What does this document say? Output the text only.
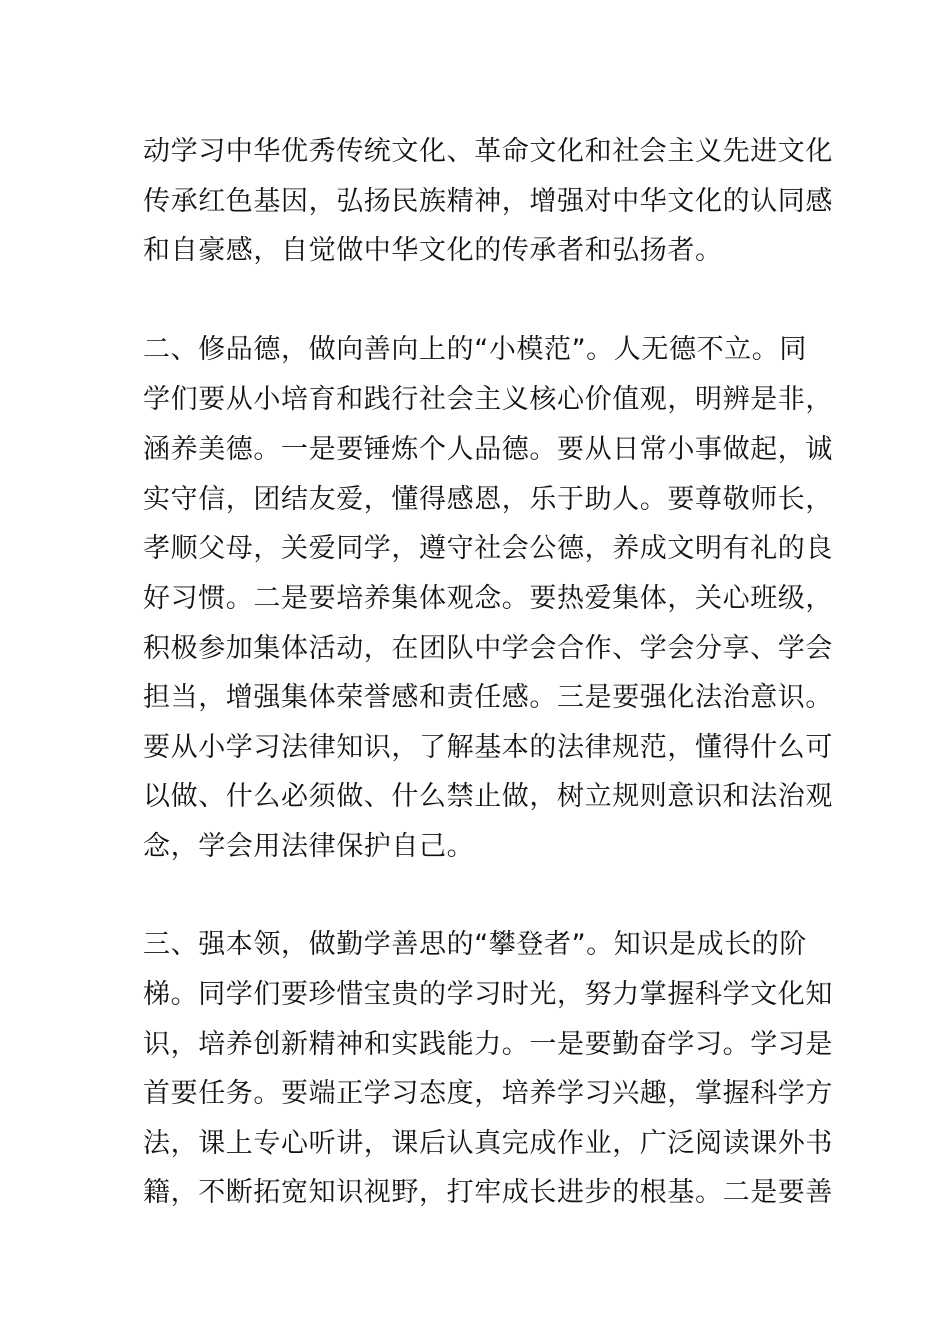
动学习中华优秀传统文化、革命文化和社会主义先进文化
传承红色基因，弘扬民族精神，增强对中华文化的认同感
和自豪感，自觉做中华文化的传承者和弘扬者。
二、修品德，做向善向上的“小模范”。人无德不立。同
学们要从小培育和践行社会主义核心价值观，明辨是非，
涵养美德。一是要锤炼个人品德。要从日常小事做起，诚
实守信，团结友爱，懂得感恩，乐于助人。要尊敬师长，
孝顺父母，关爱同学，遵守社会公德，养成文明有礼的良
好习惯。二是要培养集体观念。要热爱集体，关心班级，
积极参加集体活动，在团队中学会合作、学会分享、学会
担当，增强集体荣誉感和责任感。三是要强化法治意识。
要从小学习法律知识，了解基本的法律规范，懂得什么可
以做、什么必须做、什么禁止做，树立规则意识和法治观
念，学会用法律保护自己。
三、强本领，做勤学善思的“攀登者”。知识是成长的阶
梯。同学们要珍惜宝贵的学习时光，努力掌握科学文化知
识，培养创新精神和实践能力。一是要勤奋学习。学习是
首要任务。要端正学习态度，培养学习兴趣，掌握科学方
法，课上专心听讲，课后认真完成作业，广泛阅读课外书
籍，不断拓宽知识视野，打牢成长进步的根基。二是要善
